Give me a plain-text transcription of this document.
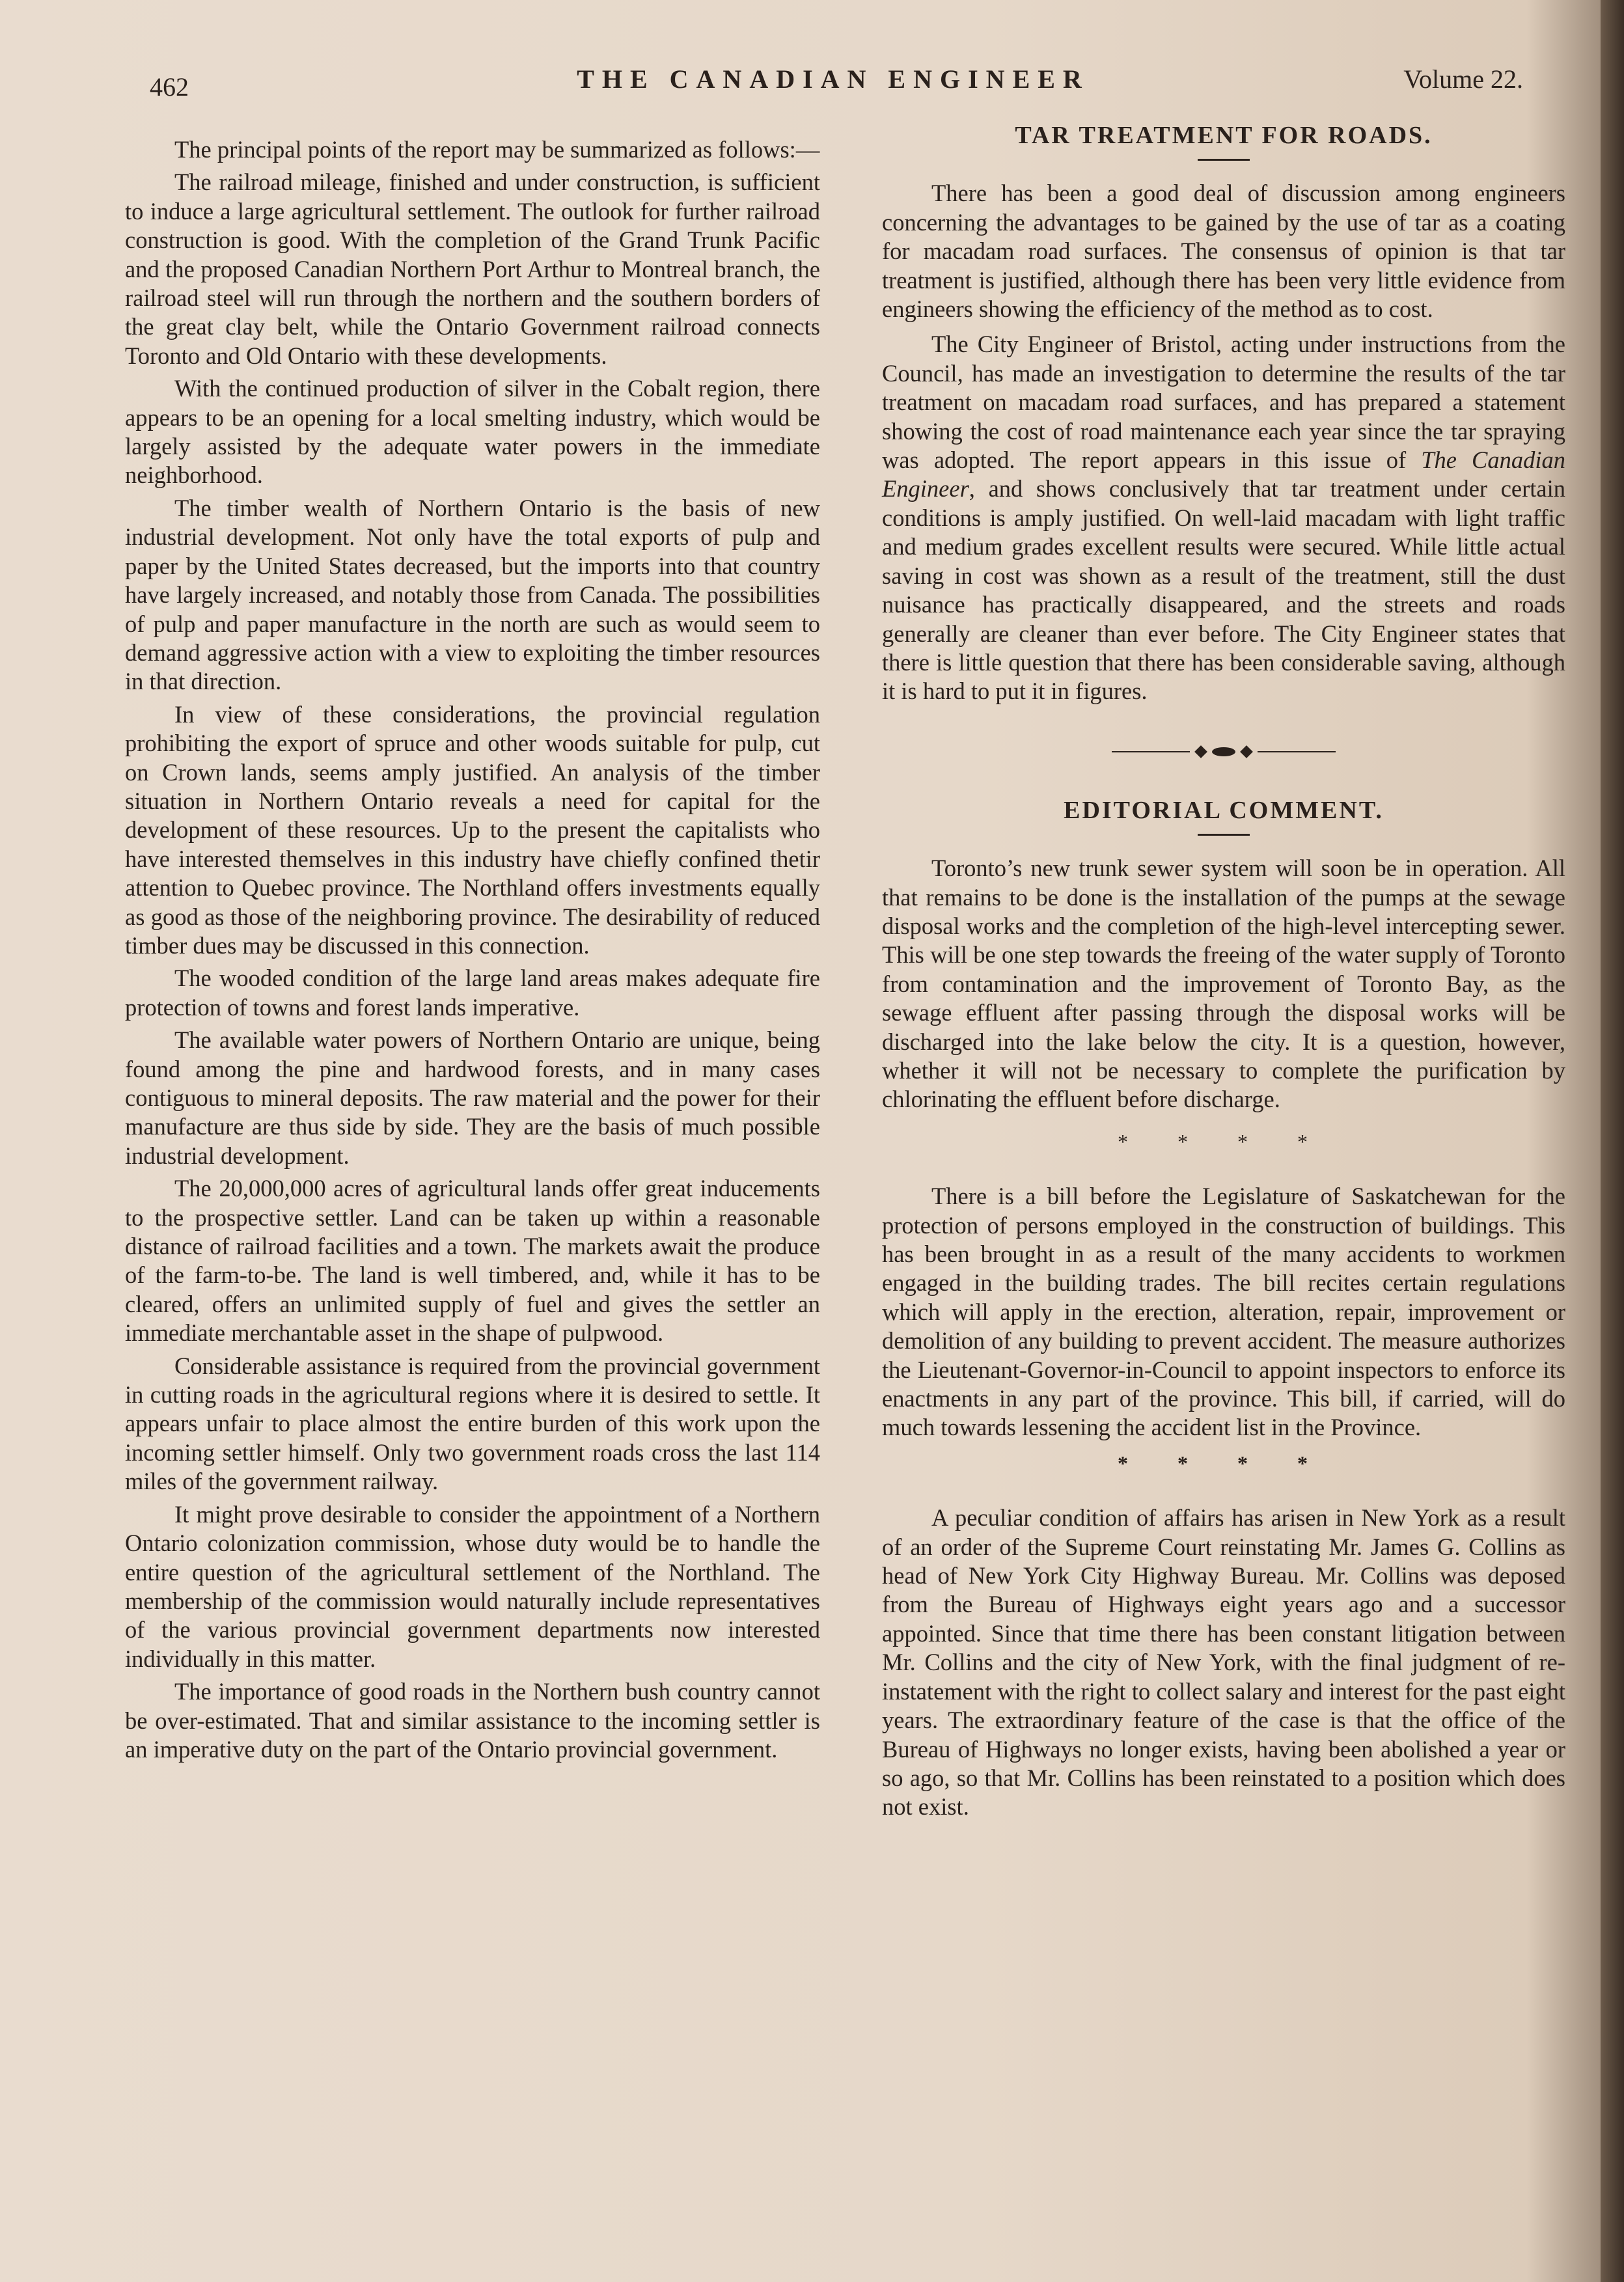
462	THE CANADIAN ENGINEER	Volume 22.

The principal points of the report may be summarized as follows:—

The railroad mileage, finished and under construction, is sufficient to induce a large agricultural settlement. The outlook for further railroad construction is good. With the completion of the Grand Trunk Pacific and the proposed Canadian Northern Port Arthur to Montreal branch, the railroad steel will run through the northern and the southern borders of the great clay belt, while the Ontario Government railroad connects Toronto and Old Ontario with these developments.

With the continued production of silver in the Cobalt region, there appears to be an opening for a local smelting industry, which would be largely assisted by the adequate water powers in the immediate neighborhood.

The timber wealth of Northern Ontario is the basis of new industrial development. Not only have the total exports of pulp and paper by the United States decreased, but the imports into that country have largely increased, and notably those from Canada. The possibilities of pulp and paper manufacture in the north are such as would seem to demand aggressive action with a view to exploiting the timber resources in that direction.

In view of these considerations, the provincial regulation prohibiting the export of spruce and other woods suitable for pulp, cut on Crown lands, seems amply justified. An analysis of the timber situation in Northern Ontario reveals a need for capital for the development of these resources. Up to the present the capitalists who have interested themselves in this industry have chiefly confined thetir attention to Quebec province. The Northland offers investments equally as good as those of the neighboring province. The desirability of reduced timber dues may be discussed in this connection.

The wooded condition of the large land areas makes adequate fire protection of towns and forest lands imperative.

The available water powers of Northern Ontario are unique, being found among the pine and hardwood forests, and in many cases contiguous to mineral deposits. The raw material and the power for their manufacture are thus side by side. They are the basis of much possible industrial development.

The 20,000,000 acres of agricultural lands offer great inducements to the prospective settler. Land can be taken up within a reasonable distance of railroad facilities and a town. The markets await the produce of the farm-to-be. The land is well timbered, and, while it has to be cleared, offers an unlimited supply of fuel and gives the settler an immediate merchantable asset in the shape of pulpwood.

Considerable assistance is required from the provincial government in cutting roads in the agricultural regions where it is desired to settle. It appears unfair to place almost the entire burden of this work upon the incoming settler himself. Only two government roads cross the last 114 miles of the government railway.

It might prove desirable to consider the appointment of a Northern Ontario colonization commission, whose duty would be to handle the entire question of the agricultural settlement of the Northland. The membership of the commission would naturally include representatives of the various provincial government departments now interested individually in this matter.

The importance of good roads in the Northern bush country cannot be over-estimated. That and similar assistance to the incoming settler is an imperative duty on the part of the Ontario provincial government.

TAR TREATMENT FOR ROADS.

There has been a good deal of discussion among engineers concerning the advantages to be gained by the use of tar as a coating for macadam road surfaces. The consensus of opinion is that tar treatment is justified, although there has been very little evidence from engineers showing the efficiency of the method as to cost.

The City Engineer of Bristol, acting under instructions from the Council, has made an investigation to determine the results of the tar treatment on macadam road surfaces, and has prepared a statement showing the cost of road maintenance each year since the tar spraying was adopted. The report appears in this issue of The Canadian Engineer, and shows conclusively that tar treatment under certain conditions is amply justified. On well-laid macadam with light traffic and medium grades excellent results were secured. While little actual saving in cost was shown as a result of the treatment, still the dust nuisance has practically disappeared, and the streets and roads generally are cleaner than ever before. The City Engineer states that there is little question that there has been considerable saving, although it is hard to put it in figures.

EDITORIAL COMMENT.

Toronto’s new trunk sewer system will soon be in operation. All that remains to be done is the installation of the pumps at the sewage disposal works and the completion of the high-level intercepting sewer. This will be one step towards the freeing of the water supply of Toronto from contamination and the improvement of Toronto Bay, as the sewage effluent after passing through the disposal works will be discharged into the lake below the city. It is a question, however, whether it will not be necessary to complete the purification by chlorinating the effluent before discharge.

* * * *

There is a bill before the Legislature of Saskatchewan for the protection of persons employed in the construction of buildings. This has been brought in as a result of the many accidents to workmen engaged in the building trades. The bill recites certain regulations which will apply in the erection, alteration, repair, improvement or demolition of any building to prevent accident. The measure authorizes the Lieutenant-Governor-in-Council to appoint inspectors to enforce its enactments in any part of the province. This bill, if carried, will do much towards lessening the accident list in the Province.

* * * *

A peculiar condition of affairs has arisen in New York as a result of an order of the Supreme Court reinstating Mr. James G. Collins as head of New York City Highway Bureau. Mr. Collins was deposed from the Bureau of Highways eight years ago and a successor appointed. Since that time there has been constant litigation between Mr. Collins and the city of New York, with the final judgment of re-instatement with the right to collect salary and interest for the past eight years. The extraordinary feature of the case is that the office of the Bureau of Highways no longer exists, having been abolished a year or so ago, so that Mr. Collins has been reinstated to a position which does not exist.
